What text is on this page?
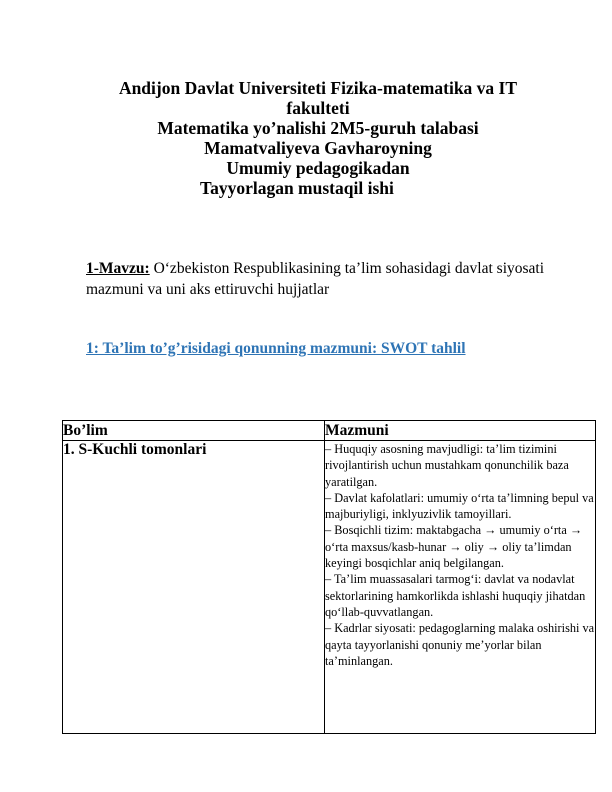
Andijon Davlat Universiteti Fizika-matematika va IT
fakulteti
Matematika yo’nalishi 2M5-guruh talabasi
Mamatvaliyeva Gavharoyning
Umumiy pedagogikadan
Tayyorlagan mustaqil ishi
1-Mavzu: O‘zbekiston Respublikasining ta’lim sohasidagi davlat siyosati mazmuni va uni aks ettiruvchi hujjatlar
1: Ta’lim to’g’risidagi qonunning mazmuni: SWOT tahlil
Bo’lim	Mazmuni
1. S-Kuchli tomonlari	– Huquqiy asosning mavjudligi: ta’lim tizimini rivojlantirish uchun mustahkam qonunchilik baza yaratilgan.

– Davlat kafolatlari: umumiy o‘rta ta’limning bepul va majburiyligi, inklyuzivlik tamoyillari.

– Bosqichli tizim: maktabgacha → umumiy o‘rta → o‘rta maxsus/kasb-hunar → oliy → oliy ta’limdan keyingi bosqichlar aniq belgilangan.

– Ta’lim muassasalari tarmog‘i: davlat va nodavlat sektorlarining hamkorlikda ishlashi huquqiy jihatdan qo‘llab-quvvatlangan.

– Kadrlar siyosati: pedagoglarning malaka oshirishi va qayta tayyorlanishi qonuniy me’yorlar bilan ta’minlangan.
